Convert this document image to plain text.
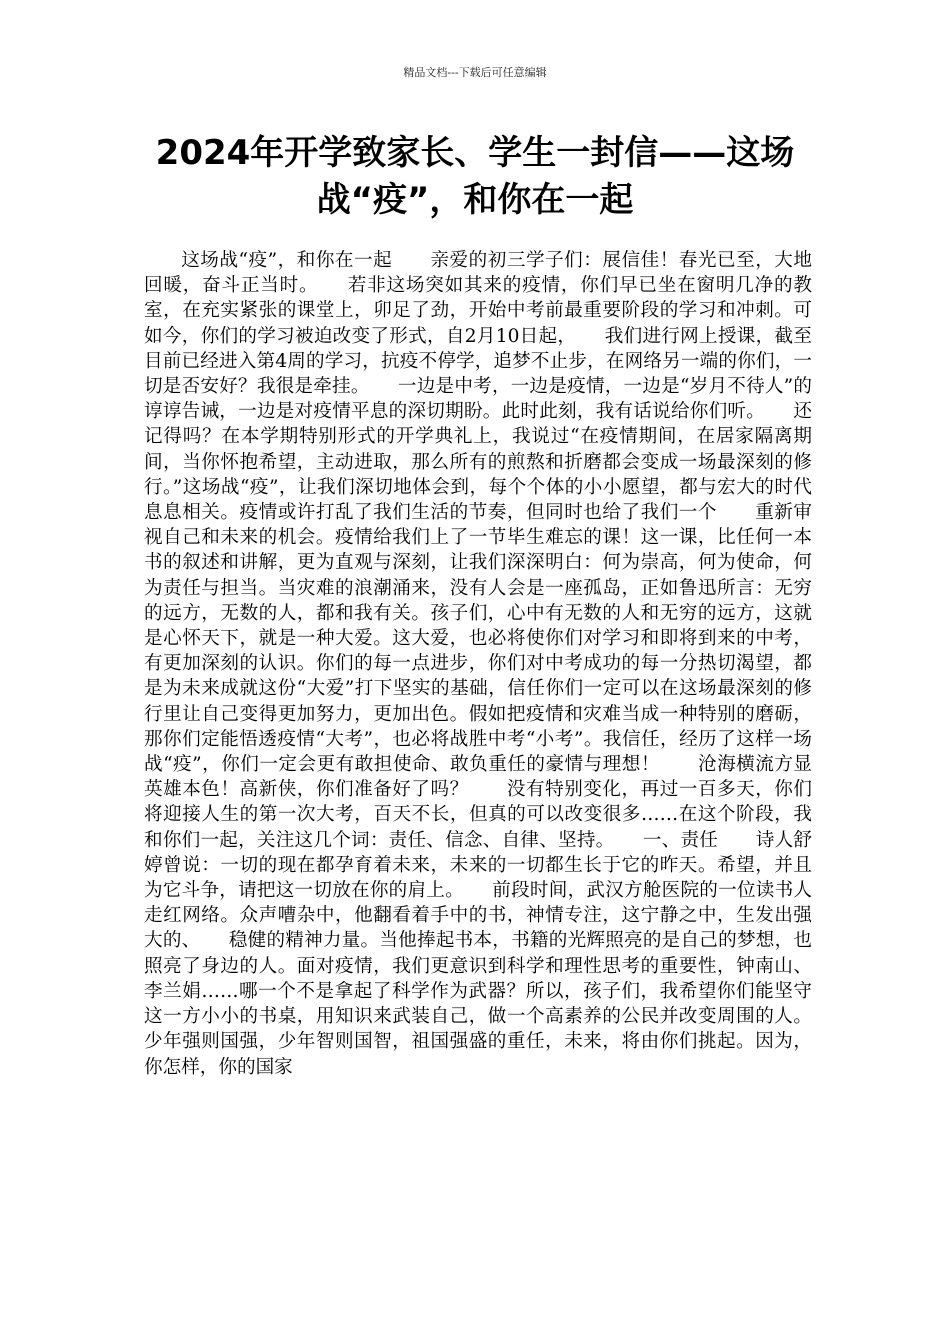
精品文档---下载后可任意编辑
2024年开学致家长、学生一封信——这场战“疫”，和你在一起

这场战“疫”，和你在一起　　亲爱的初三学子们：展信佳！春光已至，大地回暖，奋斗正当时。　　若非这场突如其来的疫情，你们早已坐在窗明几净的教室，在充实紧张的课堂上，卯足了劲，开始中考前最重要阶段的学习和冲刺。可如今，你们的学习被迫改变了形式，自2月10日起，　　我们进行网上授课，截至目前已经进入第4周的学习，抗疫不停学，追梦不止步，在网络另一端的你们，一切是否安好？我很是牵挂。　　一边是中考，一边是疫情，一边是“岁月不待人”的谆谆告诫，一边是对疫情平息的深切期盼。此时此刻，我有话说给你们听。　　还记得吗？在本学期特别形式的开学典礼上，我说过“在疫情期间，在居家隔离期间，当你怀抱希望，主动进取，那么所有的煎熬和折磨都会变成一场最深刻的修行。”这场战“疫”，让我们深切地体会到，每个个体的小小愿望，都与宏大的时代息息相关。疫情或许打乱了我们生活的节奏，但同时也给了我们一个　　重新审视自己和未来的机会。疫情给我们上了一节毕生难忘的课！这一课，比任何一本书的叙述和讲解，更为直观与深刻，让我们深深明白：何为崇高，何为使命，何为责任与担当。当灾难的浪潮涌来，没有人会是一座孤岛，正如鲁迅所言：无穷的远方，无数的人，都和我有关。孩子们，心中有无数的人和无穷的远方，这就是心怀天下，就是一种大爱。这大爱，也必将使你们对学习和即将到来的中考，有更加深刻的认识。你们的每一点进步，你们对中考成功的每一分热切渴望，都是为未来成就这份“大爱”打下坚实的基础，信任你们一定可以在这场最深刻的修行里让自己变得更加努力，更加出色。假如把疫情和灾难当成一种特别的磨砺，那你们定能悟透疫情“大考”，也必将战胜中考“小考”。我信任，经历了这样一场战“疫”，你们一定会更有敢担使命、敢负重任的豪情与理想！　　沧海横流方显英雄本色！高新侠，你们准备好了吗？　　没有特别变化，再过一百多天，你们将迎接人生的第一次大考，百天不长，但真的可以改变很多……在这个阶段，我和你们一起，关注这几个词：责任、信念、自律、坚持。　　一、责任　　诗人舒婷曾说：一切的现在都孕育着未来，未来的一切都生长于它的昨天。希望，并且为它斗争，请把这一切放在你的肩上。　　前段时间，武汉方舱医院的一位读书人走红网络。众声嘈杂中，他翻看着手中的书，神情专注，这宁静之中，生发出强大的、　　稳健的精神力量。当他捧起书本，书籍的光辉照亮的是自己的梦想，也照亮了身边的人。面对疫情，我们更意识到科学和理性思考的重要性，钟南山、李兰娟……哪一个不是拿起了科学作为武器？所以，孩子们，我希望你们能坚守这一方小小的书桌，用知识来武装自己，做一个高素养的公民并改变周围的人。少年强则国强，少年智则国智，祖国强盛的重任，未来，将由你们挑起。因为，你怎样，你的国家
